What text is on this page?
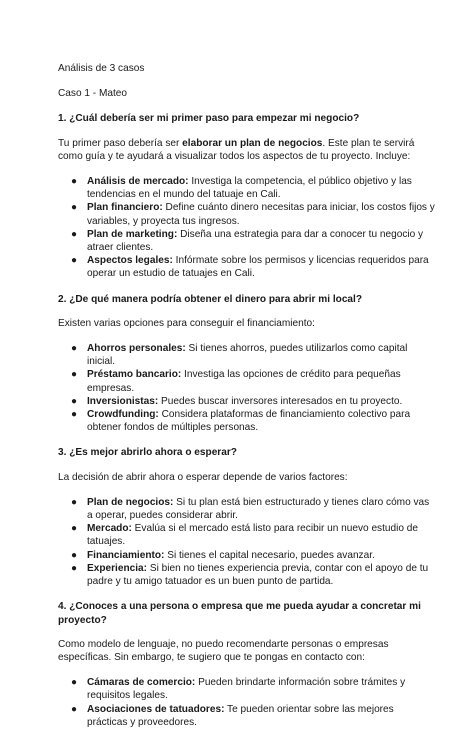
Análisis de 3 casos

Caso 1 - Mateo

1. ¿Cuál debería ser mi primer paso para empezar mi negocio?

Tu primer paso debería ser elaborar un plan de negocios. Este plan te servirá como guía y te ayudará a visualizar todos los aspectos de tu proyecto. Incluye:

● Análisis de mercado: Investiga la competencia, el público objetivo y las tendencias en el mundo del tatuaje en Cali.
● Plan financiero: Define cuánto dinero necesitas para iniciar, los costos fijos y variables, y proyecta tus ingresos.
● Plan de marketing: Diseña una estrategia para dar a conocer tu negocio y atraer clientes.
● Aspectos legales: Infórmate sobre los permisos y licencias requeridos para operar un estudio de tatuajes en Cali.

2. ¿De qué manera podría obtener el dinero para abrir mi local?

Existen varias opciones para conseguir el financiamiento:

● Ahorros personales: Si tienes ahorros, puedes utilizarlos como capital inicial.
● Préstamo bancario: Investiga las opciones de crédito para pequeñas empresas.
● Inversionistas: Puedes buscar inversores interesados en tu proyecto.
● Crowdfunding: Considera plataformas de financiamiento colectivo para obtener fondos de múltiples personas.

3. ¿Es mejor abrirlo ahora o esperar?

La decisión de abrir ahora o esperar depende de varios factores:

● Plan de negocios: Si tu plan está bien estructurado y tienes claro cómo vas a operar, puedes considerar abrir.
● Mercado: Evalúa si el mercado está listo para recibir un nuevo estudio de tatuajes.
● Financiamiento: Si tienes el capital necesario, puedes avanzar.
● Experiencia: Si bien no tienes experiencia previa, contar con el apoyo de tu padre y tu amigo tatuador es un buen punto de partida.

4. ¿Conoces a una persona o empresa que me pueda ayudar a concretar mi proyecto?

Como modelo de lenguaje, no puedo recomendarte personas o empresas específicas. Sin embargo, te sugiero que te pongas en contacto con:

● Cámaras de comercio: Pueden brindarte información sobre trámites y requisitos legales.
● Asociaciones de tatuadores: Te pueden orientar sobre las mejores prácticas y proveedores.
